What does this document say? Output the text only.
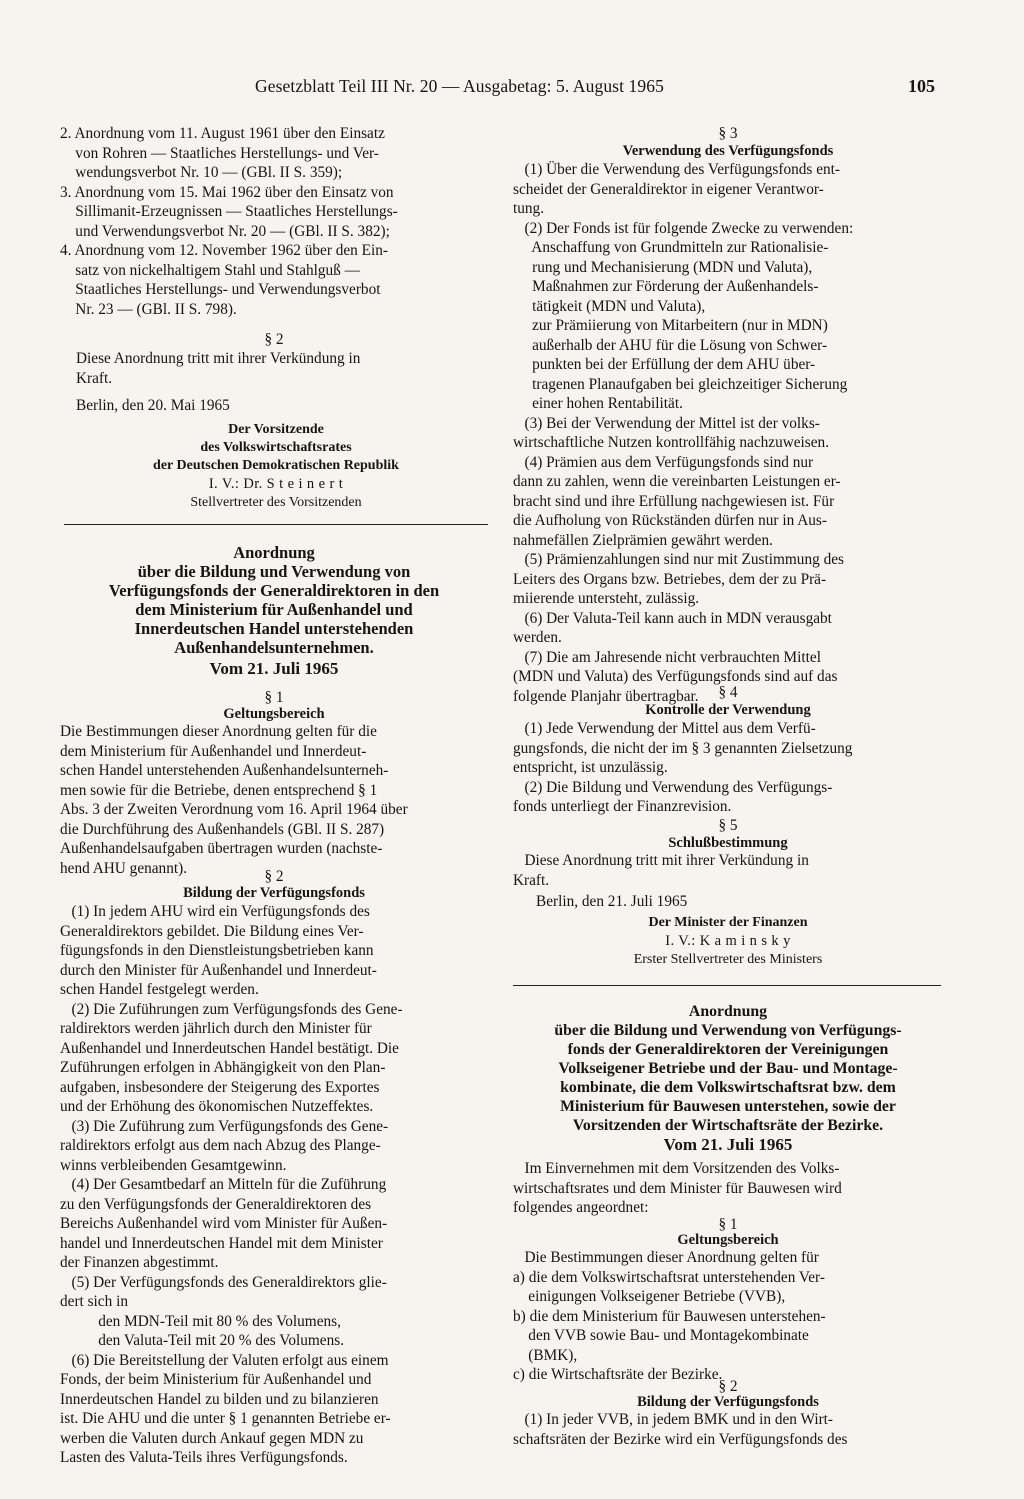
Gesetzblatt Teil III Nr. 20 — Ausgabetag: 5. August 1965	105
2. Anordnung vom 11. August 1961 über den Einsatz
von Rohren — Staatliches Herstellungs- und Ver-
wendungsverbot Nr. 10 — (GBl. II S. 359);
3. Anordnung vom 15. Mai 1962 über den Einsatz von
Sillimanit-Erzeugnissen — Staatliches Herstellungs-
und Verwendungsverbot Nr. 20 — (GBl. II S. 382);
4. Anordnung vom 12. November 1962 über den Ein-
satz von nickelhaltigem Stahl und Stahlguß —
Staatliches Herstellungs- und Verwendungsverbot
Nr. 23 — (GBl. II S. 798).
§ 2
Diese Anordnung tritt mit ihrer Verkündung in
Kraft.
Berlin, den 20. Mai 1965
Der Vorsitzende
des Volkswirtschaftsrates
der Deutschen Demokratischen Republik
I. V.: Dr. S t e i n e r t
Stellvertreter des Vorsitzenden
Anordnung
über die Bildung und Verwendung von
Verfügungsfonds der Generaldirektoren in den
dem Ministerium für Außenhandel und
Innerdeutschen Handel unterstehenden
Außenhandelsunternehmen.
Vom 21. Juli 1965
§ 1
Geltungsbereich
Die Bestimmungen dieser Anordnung gelten für die
dem Ministerium für Außenhandel und Innerdeut-
schen Handel unterstehenden Außenhandelsunterneh-
men sowie für die Betriebe, denen entsprechend § 1
Abs. 3 der Zweiten Verordnung vom 16. April 1964 über
die Durchführung des Außenhandels (GBl. II S. 287)
Außenhandelsaufgaben übertragen wurden (nachste-
hend AHU genannt).	§ 2
Bildung der Verfügungsfonds
(1) In jedem AHU wird ein Verfügungsfonds des
Generaldirektors gebildet. Die Bildung eines Ver-
fügungsfonds in den Dienstleistungsbetrieben kann
durch den Minister für Außenhandel und Innerdeut-
schen Handel festgelegt werden.
(2) Die Zuführungen zum Verfügungsfonds des Gene-
raldirektors werden jährlich durch den Minister für
Außenhandel und Innerdeutschen Handel bestätigt. Die
Zuführungen erfolgen in Abhängigkeit von den Plan-
aufgaben, insbesondere der Steigerung des Exportes
und der Erhöhung des ökonomischen Nutzeffektes.
(3) Die Zuführung zum Verfügungsfonds des Gene-
raldirektors erfolgt aus dem nach Abzug des Plange-
winns verbleibenden Gesamtgewinn.
(4) Der Gesamtbedarf an Mitteln für die Zuführung
zu den Verfügungsfonds der Generaldirektoren des
Bereichs Außenhandel wird vom Minister für Außen-
handel und Innerdeutschen Handel mit dem Minister
der Finanzen abgestimmt.
(5) Der Verfügungsfonds des Generaldirektors glie-
dert sich in
den MDN-Teil mit 80 % des Volumens,
den Valuta-Teil mit 20 % des Volumens.
(6) Die Bereitstellung der Valuten erfolgt aus einem
Fonds, der beim Ministerium für Außenhandel und
Innerdeutschen Handel zu bilden und zu bilanzieren
ist. Die AHU und die unter § 1 genannten Betriebe er-
werben die Valuten durch Ankauf gegen MDN zu
Lasten des Valuta-Teils ihres Verfügungsfonds.
§ 3
Verwendung des Verfügungsfonds
(1) Über die Verwendung des Verfügungsfonds ent-
scheidet der Generaldirektor in eigener Verantwor-
tung.
(2) Der Fonds ist für folgende Zwecke zu verwenden:
Anschaffung von Grundmitteln zur Rationalisie-
rung und Mechanisierung (MDN und Valuta),
Maßnahmen zur Förderung der Außenhandels-
tätigkeit (MDN und Valuta),
zur Prämiierung von Mitarbeitern (nur in MDN)
außerhalb der AHU für die Lösung von Schwer-
punkten bei der Erfüllung der dem AHU über-
tragenen Planaufgaben bei gleichzeitiger Sicherung
einer hohen Rentabilität.
(3) Bei der Verwendung der Mittel ist der volks-
wirtschaftliche Nutzen kontrollfähig nachzuweisen.
(4) Prämien aus dem Verfügungsfonds sind nur
dann zu zahlen, wenn die vereinbarten Leistungen er-
bracht sind und ihre Erfüllung nachgewiesen ist. Für
die Aufholung von Rückständen dürfen nur in Aus-
nahmefällen Zielprämien gewährt werden.
(5) Prämienzahlungen sind nur mit Zustimmung des
Leiters des Organs bzw. Betriebes, dem der zu Prä-
miierende untersteht, zulässig.
(6) Der Valuta-Teil kann auch in MDN verausgabt
werden.
(7) Die am Jahresende nicht verbrauchten Mittel
(MDN und Valuta) des Verfügungsfonds sind auf das
folgende Planjahr übertragbar.	§ 4
Kontrolle der Verwendung
(1) Jede Verwendung der Mittel aus dem Verfü-
gungsfonds, die nicht der im § 3 genannten Zielsetzung
entspricht, ist unzulässig.
(2) Die Bildung und Verwendung des Verfügungs-
fonds unterliegt der Finanzrevision.
§ 5
Schlußbestimmung
Diese Anordnung tritt mit ihrer Verkündung in
Kraft.
Berlin, den 21. Juli 1965
Der Minister der Finanzen
I. V.: K a m i n s k y
Erster Stellvertreter des Ministers
Anordnung
über die Bildung und Verwendung von Verfügungs-
fonds der Generaldirektoren der Vereinigungen
Volkseigener Betriebe und der Bau- und Montage-
kombinate, die dem Volkswirtschaftsrat bzw. dem
Ministerium für Bauwesen unterstehen, sowie der
Vorsitzenden der Wirtschaftsräte der Bezirke.
Vom 21. Juli 1965
Im Einvernehmen mit dem Vorsitzenden des Volks-
wirtschaftsrates und dem Minister für Bauwesen wird
folgendes angeordnet:
§ 1
Geltungsbereich
Die Bestimmungen dieser Anordnung gelten für
a) die dem Volkswirtschaftsrat unterstehenden Ver-
einigungen Volkseigener Betriebe (VVB),
b) die dem Ministerium für Bauwesen unterstehen-
den VVB sowie Bau- und Montagekombinate
(BMK),
c) die Wirtschaftsräte der Bezirke.
§ 2
Bildung der Verfügungsfonds
(1) In jeder VVB, in jedem BMK und in den Wirt-
schaftsräten der Bezirke wird ein Verfügungsfonds des
